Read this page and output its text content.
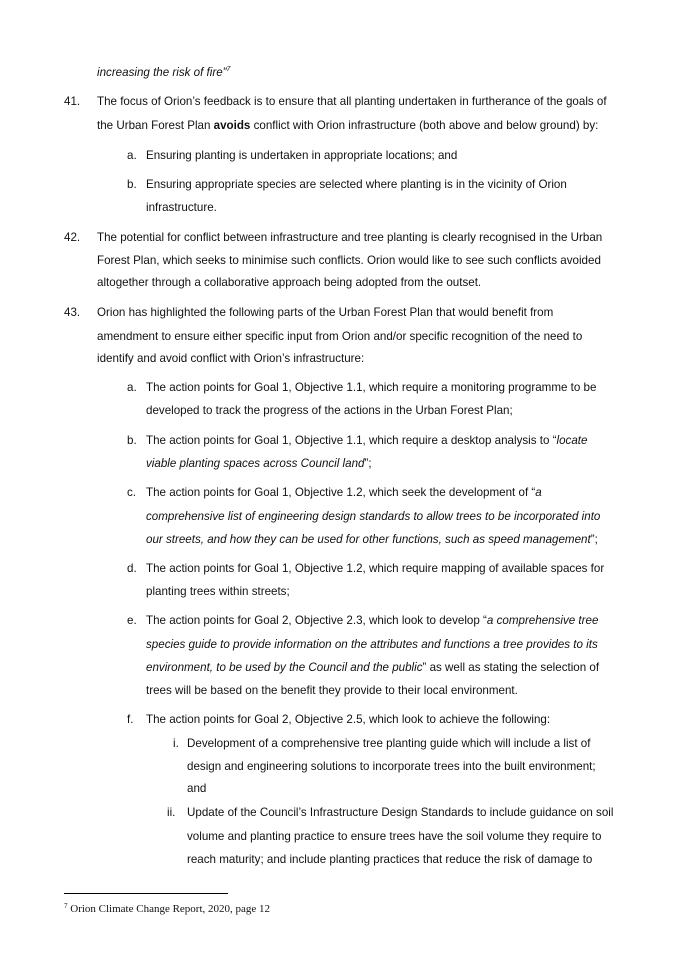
increasing the risk of fire”$^7$
41. The focus of Orion’s feedback is to ensure that all planting undertaken in furtherance of the goals of
the Urban Forest Plan avoids conflict with Orion infrastructure (both above and below ground) by:
a. Ensuring planting is undertaken in appropriate locations; and
b. Ensuring appropriate species are selected where planting is in the vicinity of Orion
infrastructure.
42. The potential for conflict between infrastructure and tree planting is clearly recognised in the Urban
Forest Plan, which seeks to minimise such conflicts. Orion would like to see such conflicts avoided
altogether through a collaborative approach being adopted from the outset.
43. Orion has highlighted the following parts of the Urban Forest Plan that would benefit from
amendment to ensure either specific input from Orion and/or specific recognition of the need to
identify and avoid conflict with Orion’s infrastructure:
a. The action points for Goal 1, Objective 1.1, which require a monitoring programme to be
developed to track the progress of the actions in the Urban Forest Plan;
b. The action points for Goal 1, Objective 1.1, which require a desktop analysis to “locate
viable planting spaces across Council land”;
c. The action points for Goal 1, Objective 1.2, which seek the development of “a
comprehensive list of engineering design standards to allow trees to be incorporated into
our streets, and how they can be used for other functions, such as speed management”;
d. The action points for Goal 1, Objective 1.2, which require mapping of available spaces for
planting trees within streets;
e. The action points for Goal 2, Objective 2.3, which look to develop “a comprehensive tree
species guide to provide information on the attributes and functions a tree provides to its
environment, to be used by the Council and the public” as well as stating the selection of
trees will be based on the benefit they provide to their local environment.
f. The action points for Goal 2, Objective 2.5, which look to achieve the following:
i. Development of a comprehensive tree planting guide which will include a list of
design and engineering solutions to incorporate trees into the built environment;
and
ii. Update of the Council’s Infrastructure Design Standards to include guidance on soil
volume and planting practice to ensure trees have the soil volume they require to
reach maturity; and include planting practices that reduce the risk of damage to
$^7$ Orion Climate Change Report, 2020, page 12
